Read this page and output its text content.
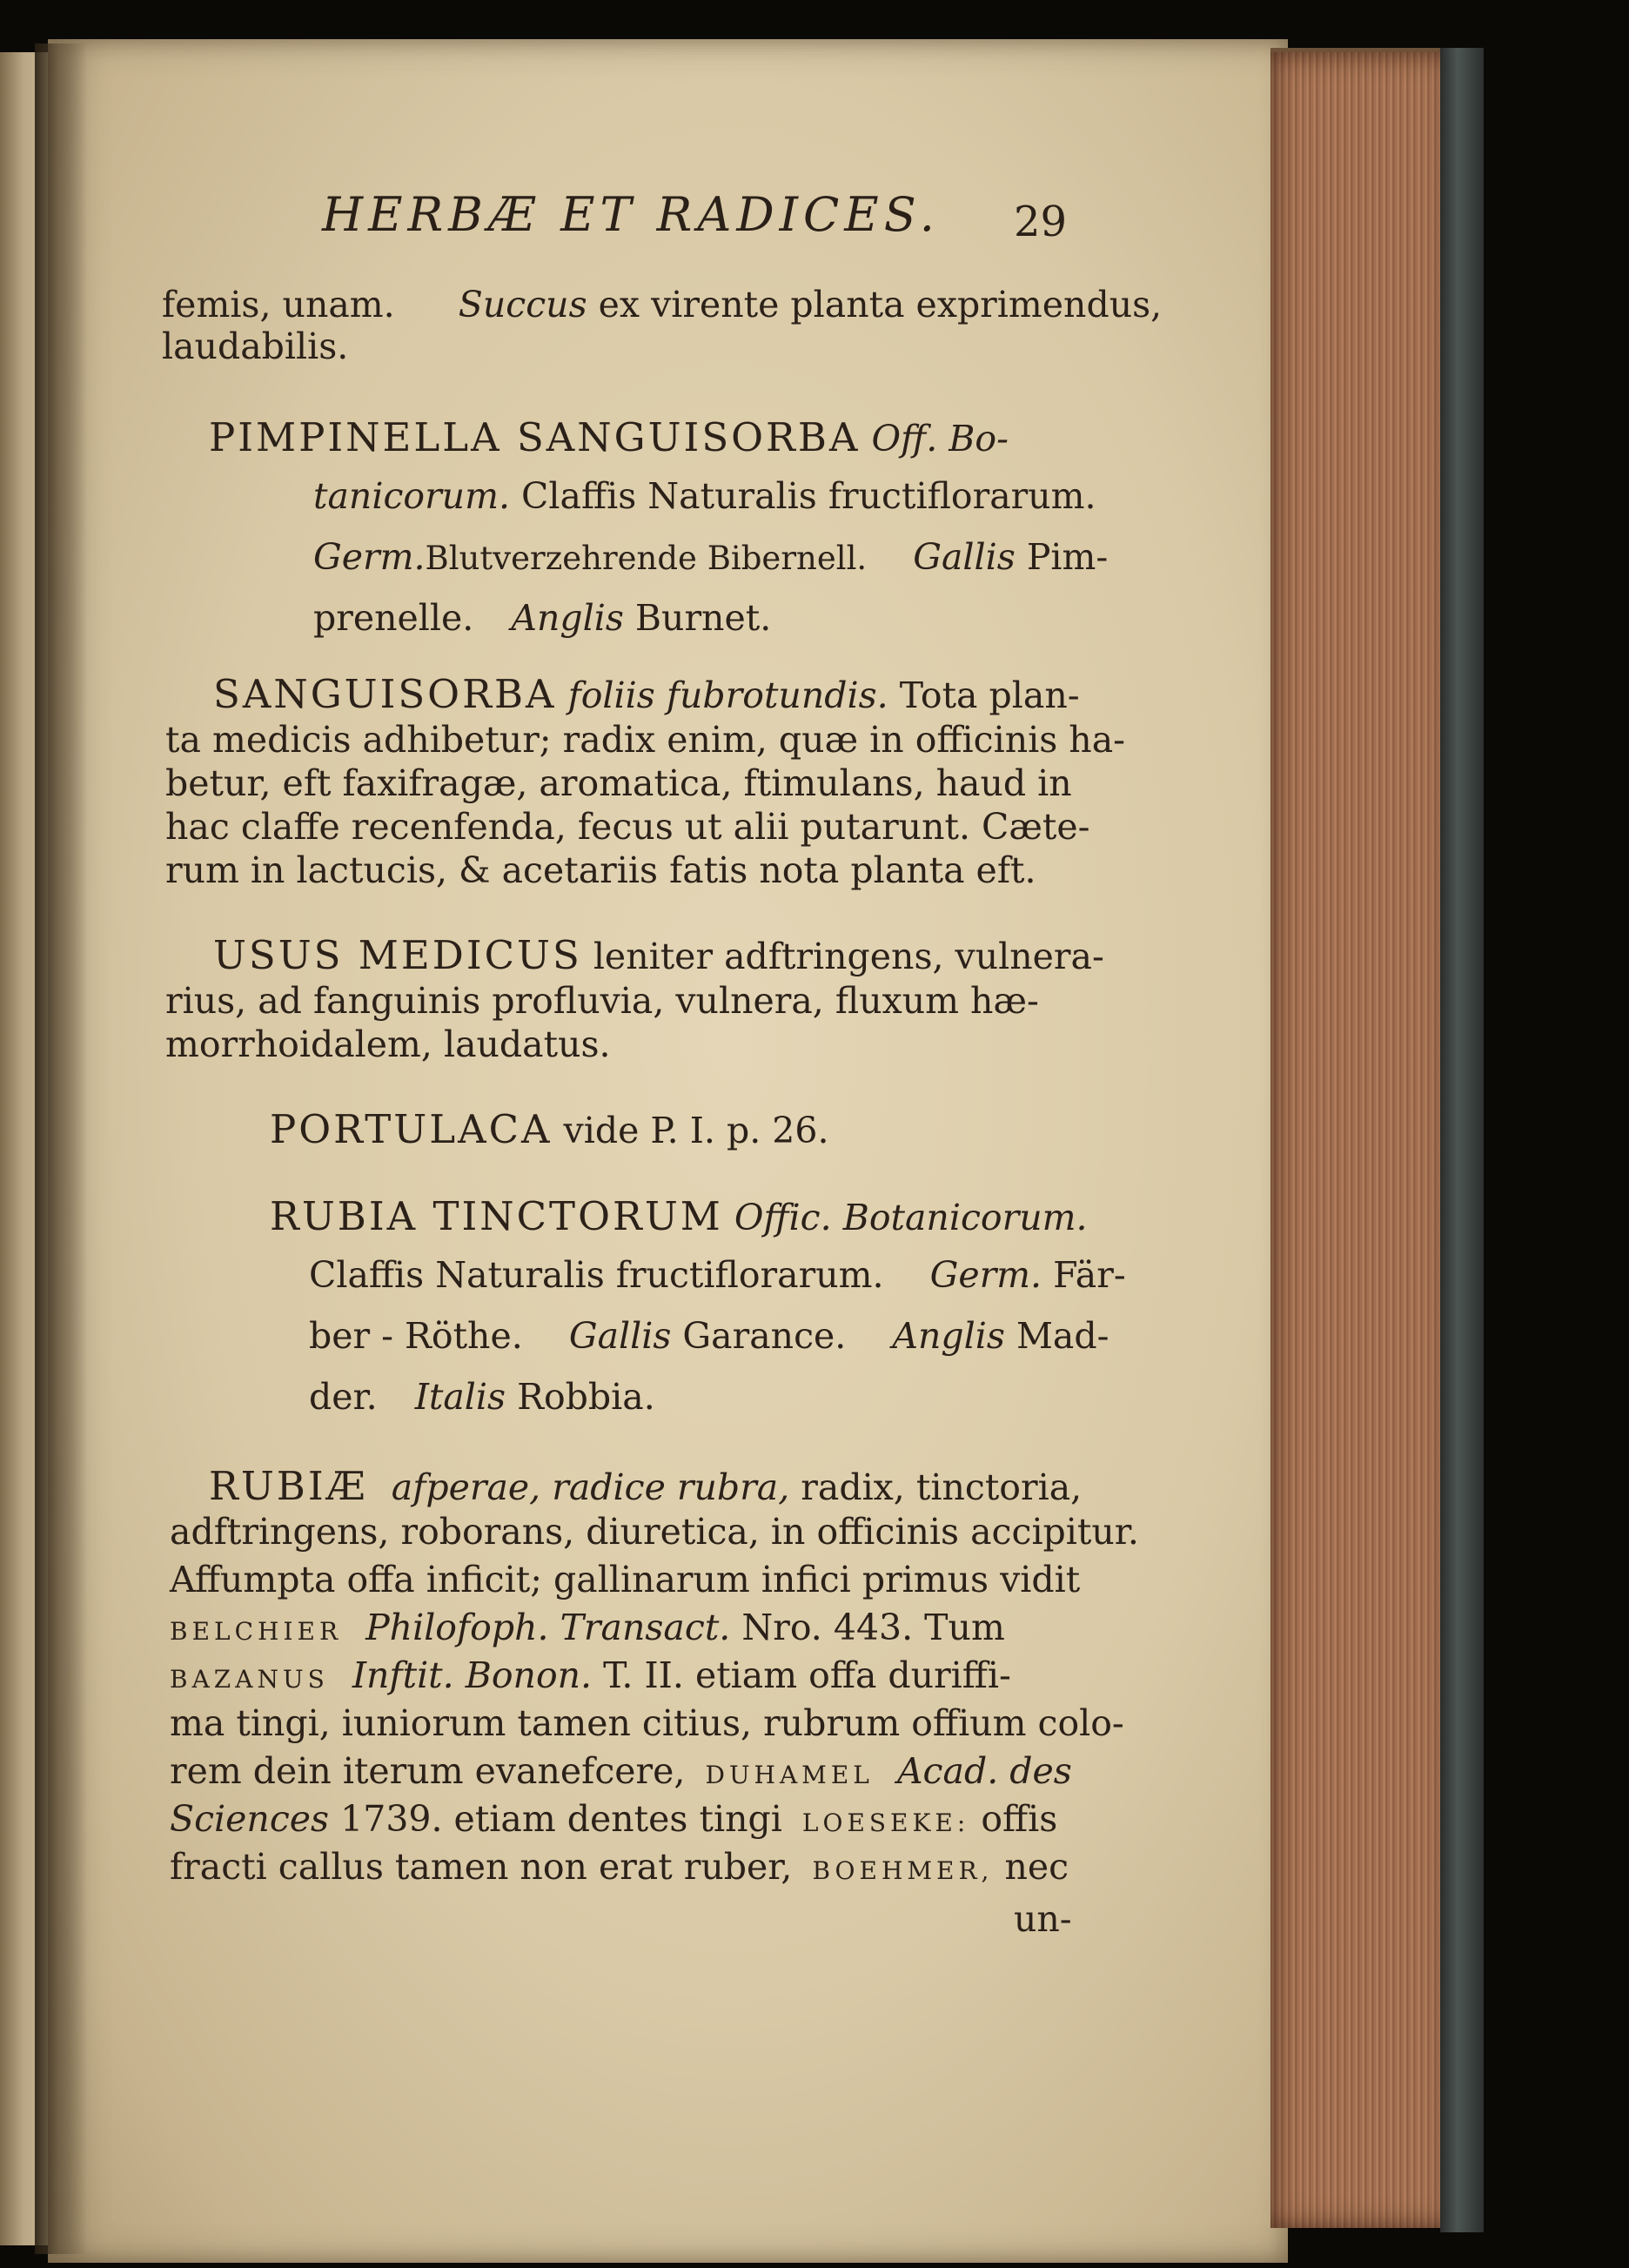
HERBÆ ET RADICES. 29
femis, unam. Succus ex virente planta exprimendus,
laudabilis.
PIMPINELLA SANGUISORBA Off. Bo-
tanicorum. Claffis Naturalis fructiflorarum.
Germ.Blutverzehrende Bibernell. Gallis Pim-
prenelle. Anglis Burnet.
SANGUISORBA foliis fubrotundis. Tota plan-
ta medicis adhibetur; radix enim, quæ in officinis ha-
betur, eft faxifragæ, aromatica, ftimulans, haud in
hac claffe recenfenda, fecus ut alii putarunt. Cæte-
rum in lactucis, & acetariis fatis nota planta eft.
USUS MEDICUS leniter adftringens, vulnera-
rius, ad fanguinis profluvia, vulnera, fluxum hæ-
morrhoidalem, laudatus.
PORTULACA vide P. I. p. 26.
RUBIA TINCTORUM Offic. Botanicorum.
Claffis Naturalis fructiflorarum. Germ. Fär-
ber - Röthe. Gallis Garance. Anglis Mad-
der. Italis Robbia.
RUBIÆ afperae, radice rubra, radix, tinctoria,
adftringens, roborans, diuretica, in officinis accipitur.
Affumpta offa inficit; gallinarum infici primus vidit
BELCHIER Philofoph. Transact. Nro. 443. Tum
BAZANUS Inftit. Bonon. T. II. etiam offa duriffi-
ma tingi, iuniorum tamen citius, rubrum offium colo-
rem dein iterum evanefcere, DUHAMEL Acad. des
Sciences 1739. etiam dentes tingi LOESEKE: offis
fracti callus tamen non erat ruber, BOEHMER, nec
un-
